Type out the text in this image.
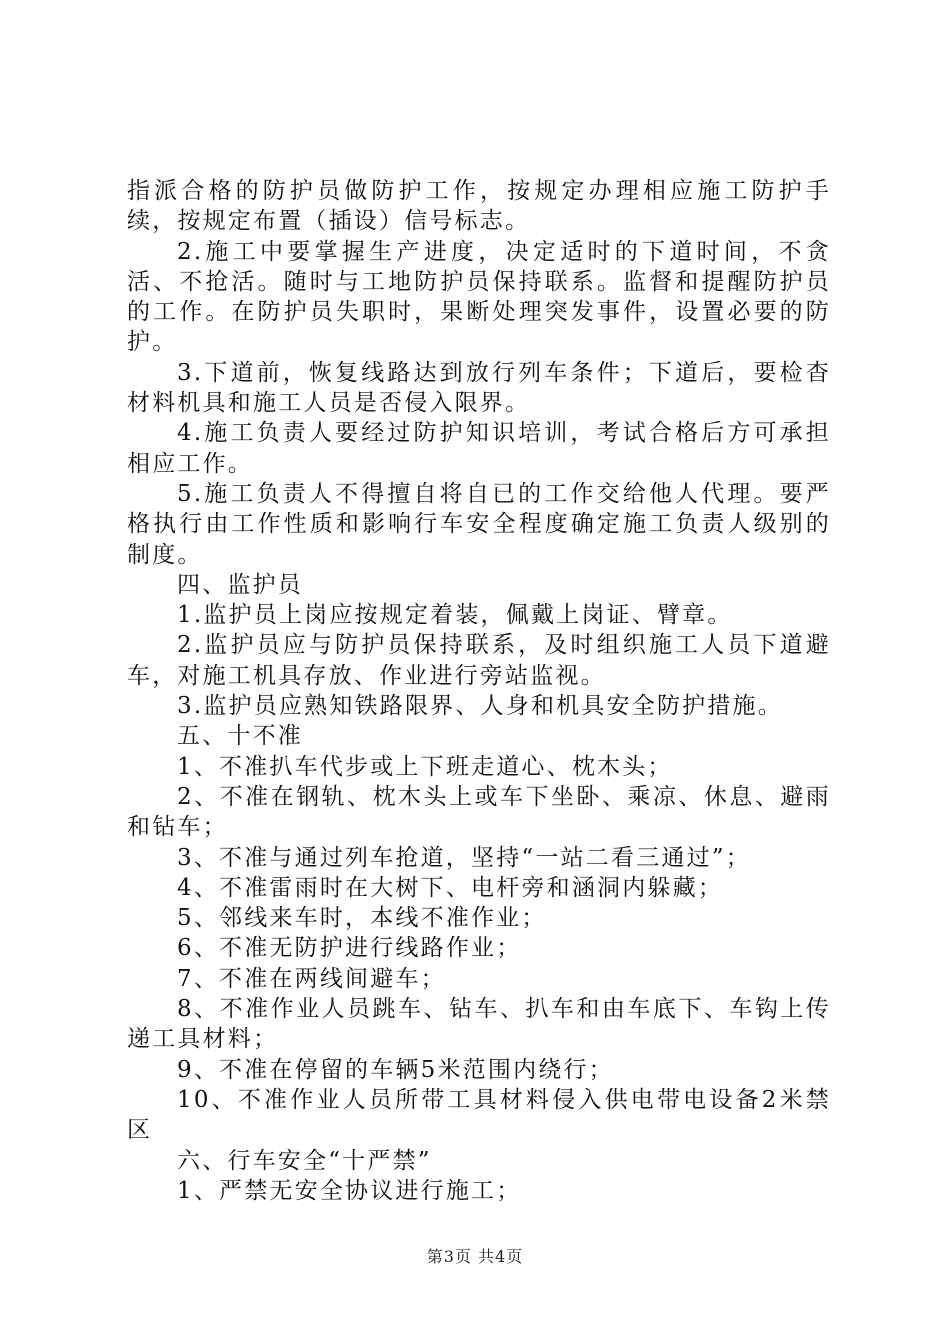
指派合格的防护员做防护工作，按规定办理相应施工防护手续，按规定布置（插设）信号标志。

2.施工中要掌握生产进度，决定适时的下道时间，不贪活、不抢活。随时与工地防护员保持联系。监督和提醒防护员的工作。在防护员失职时，果断处理突发事件，设置必要的防护。

3.下道前，恢复线路达到放行列车条件；下道后，要检杳材料机具和施工人员是否侵入限界。

4.施工负责人要经过防护知识培训，考试合格后方可承担相应工作。

5.施工负责人不得擅自将自已的工作交给他人代理。要严格执行由工作性质和影响行车安全程度确定施工负责人级别的制度。

四、监护员

1.监护员上岗应按规定着装，佩戴上岗证、臂章。

2.监护员应与防护员保持联系，及时组织施工人员下道避车，对施工机具存放、作业进行旁站监视。

3.监护员应熟知铁路限界、人身和机具安全防护措施。

五、十不准

1、不准扒车代步或上下班走道心、枕木头；

2、不准在钢轨、枕木头上或车下坐卧、乘凉、休息、避雨和钻车；

3、不准与通过列车抢道，坚持“一站二看三通过”；

4、不准雷雨时在大树下、电杆旁和涵洞内躲藏；

5、邻线来车时，本线不准作业；

6、不准无防护进行线路作业；

7、不准在两线间避车；

8、不准作业人员跳车、钻车、扒车和由车底下、车钩上传递工具材料；

9、不准在停留的车辆5米范围内绕行；

10、不准作业人员所带工具材料侵入供电带电设备2米禁区

六、行车安全“十严禁”

1、严禁无安全协议进行施工；

第3页 共4页
